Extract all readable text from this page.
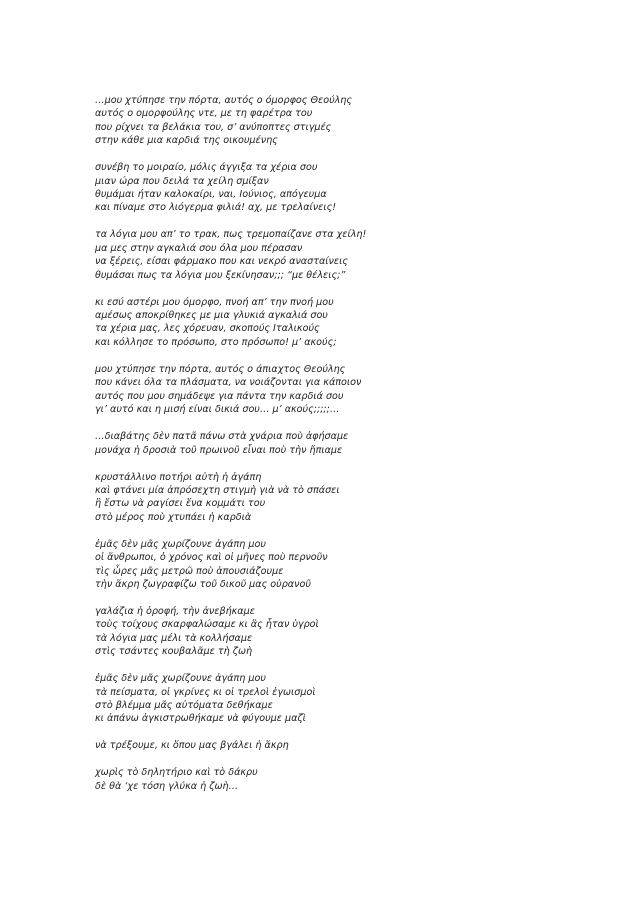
…μου χτύπησε την πόρτα, αυτός ο όμορφος Θεούλης
αυτός ο ομορφούλης ντε, με τη φαρέτρα του
που ρίχνει τα βελάκια του, σ’ ανύποπτες στιγμές
στην κάθε μια καρδιά της οικουμένης
συνέβη το μοιραίο, μόλις άγγιξα τα χέρια σου
μιαν ώρα που δειλά τα χείλη σμίξαν
θυμάμαι ήταν καλοκαίρι, ναι, Ιούνιος, απόγευμα
και πίναμε στο λιόγερμα φιλιά! αχ, με τρελαίνεις!
τα λόγια μου απ’ το τρακ, πως τρεμοπαίζανε στα χείλη!
μα μες στην αγκαλιά σου όλα μου πέρασαν
να ξέρεις, είσαι φάρμακο που και νεκρό ανασταίνεις
θυμάσαι πως τα λόγια μου ξεκίνησαν;;; “με θέλεις;”
κι εσύ αστέρι μου όμορφο, πνοή απ’ την πνοή μου
αμέσως αποκρίθηκες με μια γλυκιά αγκαλιά σου
τα χέρια μας, λες χόρευαν, σκοπούς Ιταλικούς
και κόλλησε το πρόσωπο, στο πρόσωπο! μ’ ακούς;
μου χτύπησε την πόρτα, αυτός ο άπιαχτος Θεούλης
που κάνει όλα τα πλάσματα, να νοιάζονται για κάποιον
αυτός που μου σημάδεψε για πάντα την καρδιά σου
γι’ αυτό και η μισή είναι δικιά σου… μ’ ακούς;;;;;…
…διαβάτης δὲν πατᾶ πάνω στὰ χνάρια ποὺ ἀφήσαμε
μονάχα ἡ δροσιὰ τοῦ πρωινοῦ εἶναι ποὺ τὴν ἤπιαμε
κρυστάλλινο ποτήρι αὐτὴ ἡ ἀγάπη
καὶ φτάνει μία ἀπρόσεχτη στιγμὴ γιὰ νὰ τὸ σπάσει
ἢ ἔστω νὰ ραγίσει ἕνα κομμάτι του
στὸ μέρος ποὺ χτυπάει ἡ καρδιὰ
ἐμᾶς δὲν μᾶς χωρίζουνε ἀγάπη μου
οἱ ἄνθρωποι, ὁ χρόνος καὶ οἱ μῆνες ποὺ περνοῦν
τὶς ὧρες μᾶς μετρῶ ποὺ ἀπουσιάζουμε
τὴν ἄκρη ζωγραφίζω τοῦ δικοῦ μας οὐρανοῦ
γαλάζια ἡ ὀροφή, τὴν ἀνεβήκαμε
τοὺς τοίχους σκαρφαλώσαμε κι ἂς ἦταν ὑγροὶ
τὰ λόγια μας μέλι τὰ κολλήσαμε
στὶς τσάντες κουβαλᾶμε τὴ ζωὴ
ἐμᾶς δὲν μᾶς χωρίζουνε ἀγάπη μου
τὰ πείσματα, οἱ γκρίνες κι οἱ τρελοὶ ἐγωισμοὶ
στὸ βλέμμα μᾶς αὐτόματα δεθήκαμε
κι ἀπάνω ἀγκιστρωθήκαμε νὰ φύγουμε μαζὶ
νὰ τρέξουμε, κι ὅπου μας βγάλει ἡ ἄκρη
χωρὶς τὸ δηλητήριο καὶ τὸ δάκρυ
δὲ θὰ ‘χε τόση γλύκα ἡ ζωὴ…
